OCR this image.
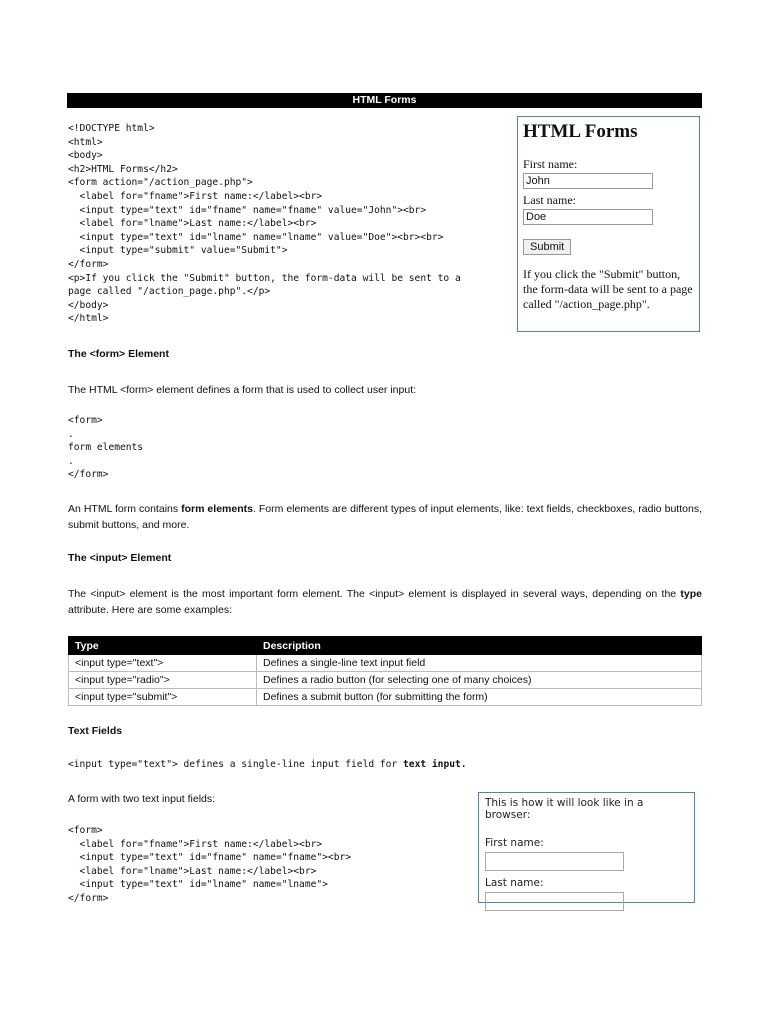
HTML Forms
<!DOCTYPE html>
<html>
<body>
<h2>HTML Forms</h2>
<form action="/action_page.php">
<label for="fname">First name:</label><br>
<input type="text" id="fname" name="fname" value="John"><br>
<label for="lname">Last name:</label><br>
<input type="text" id="lname" name="lname" value="Doe"><br><br>
<input type="submit" value="Submit">
</form>
<p>If you click the "Submit" button, the form-data will be sent to a
page called "/action_page.php".</p>
</body>
</html>
HTML Forms
First name:
John
Last name:
Doe
Submit
If you click the "Submit" button, the form-data will be sent to a page called "/action_page.php".

The <form> Element

The HTML <form> element defines a form that is used to collect user input:

<form>
.
form elements
.
</form>

An HTML form contains form elements. Form elements are different types of input elements, like: text fields, checkboxes, radio buttons, submit buttons, and more.

The <input> Element

The <input> element is the most important form element. The <input> element is displayed in several ways, depending on the type attribute. Here are some examples:

Type	Description
<input type="text">	Defines a single-line text input field
<input type="radio">	Defines a radio button (for selecting one of many choices)
<input type="submit">	Defines a submit button (for submitting the form)

Text Fields

<input type="text"> defines a single-line input field for text input.

A form with two text input fields:

<form>
<label for="fname">First name:</label><br>
<input type="text" id="fname" name="fname"><br>
<label for="lname">Last name:</label><br>
<input type="text" id="lname" name="lname">
</form>
This is how it will look like in a browser:
First name:
Last name:
